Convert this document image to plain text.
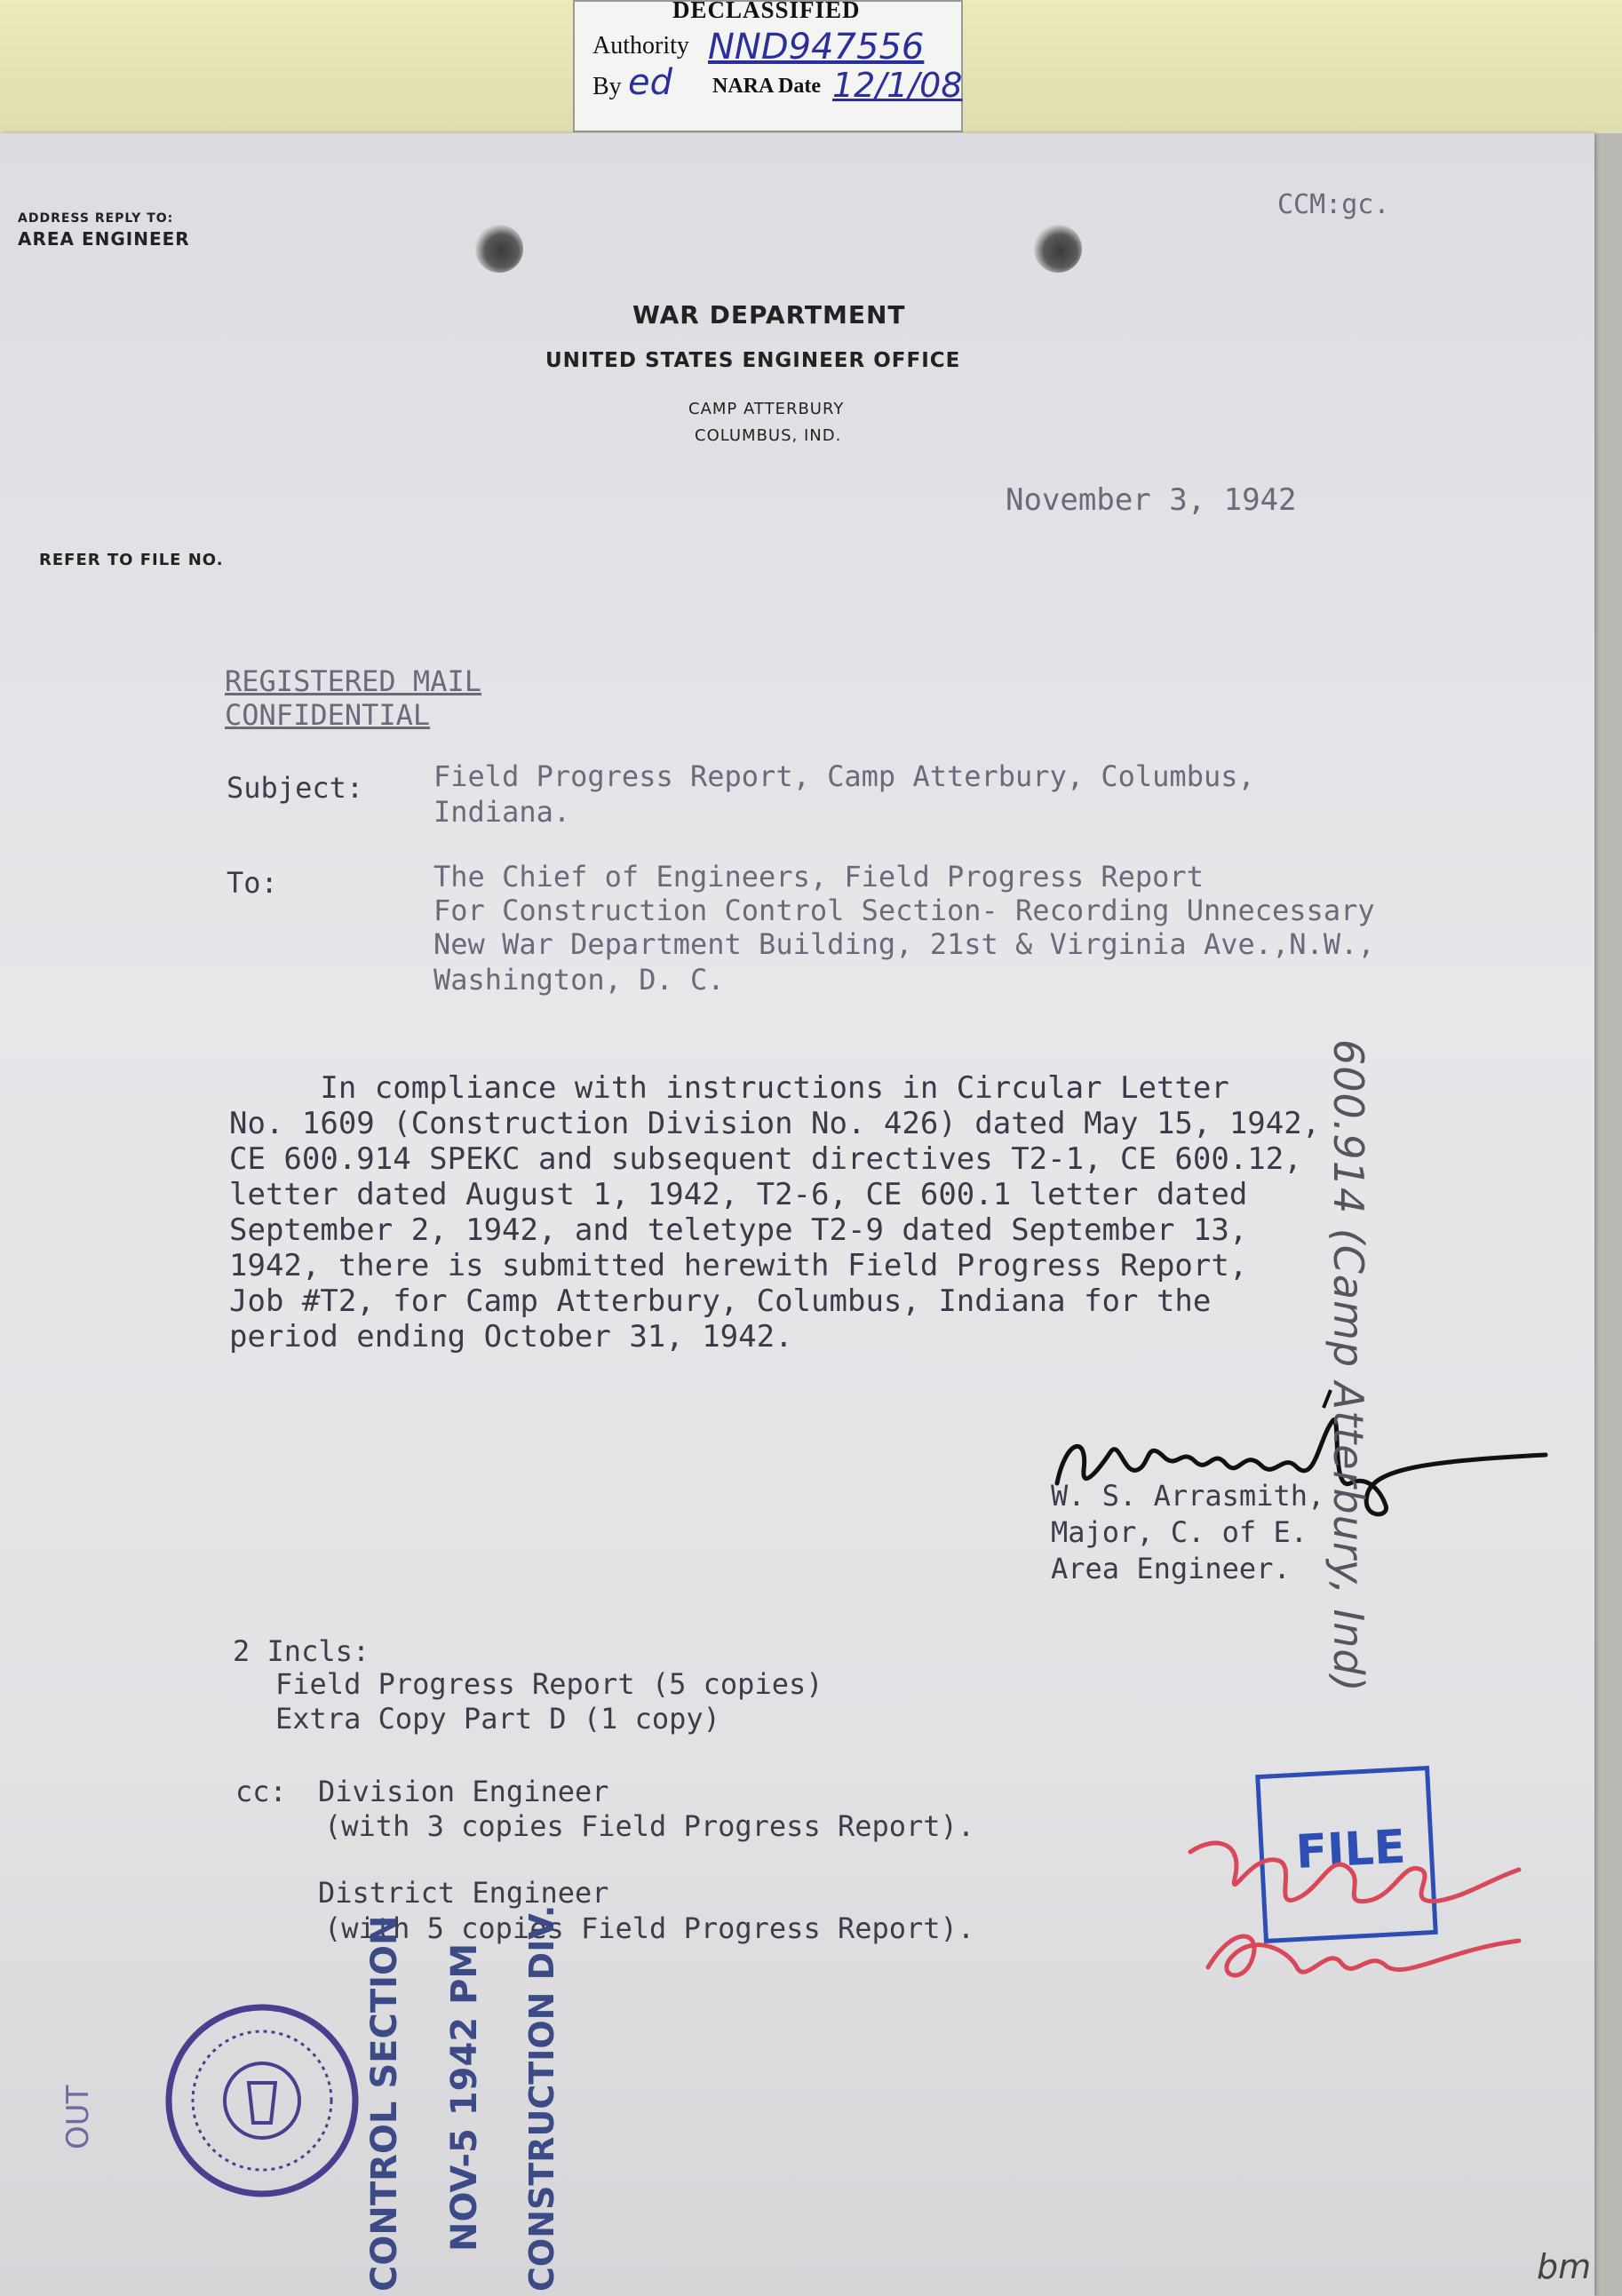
DECLASSIFIED
Authority NND947556
By ed NARA Date 12/1/08
ADDRESS REPLY TO:
AREA ENGINEER
CCM:gc.
WAR DEPARTMENT
UNITED STATES ENGINEER OFFICE
CAMP ATTERBURY
COLUMBUS, IND.
November 3, 1942
REFER TO FILE NO.
REGISTERED MAIL
CONFIDENTIAL
Subject: Field Progress Report, Camp Atterbury, Columbus,
Indiana.
To:	The Chief of Engineers, Field Progress Report
For Construction Control Section- Recording Unnecessary
New War Department Building, 21st & Virginia Ave.,N.W.,
Washington, D. C.
In compliance with instructions in Circular Letter
No. 1609 (Construction Division No. 426) dated May 15, 1942,
CE 600.914 SPEKC and subsequent directives T2-1, CE 600.12,
letter dated August 1, 1942, T2-6, CE 600.1 letter dated
September 2, 1942, and teletype T2-9 dated September 13,
1942, there is submitted herewith Field Progress Report,
Job #T2, for Camp Atterbury, Columbus, Indiana for the
period ending October 31, 1942.
W. S. Arrasmith,
Major, C. of E.
Area Engineer.
2 Incls:
Field Progress Report (5 copies)
Extra Copy Part D (1 copy)
cc: Division Engineer
(with 3 copies Field Progress Report).
District Engineer
(with 5 copies Field Progress Report).
600.914 (Camp Atterbury, Ind)
FILE
OUT	CONTROL SECTION NOV-5 1942 PM CONSTRUCTION DIV.	bm
